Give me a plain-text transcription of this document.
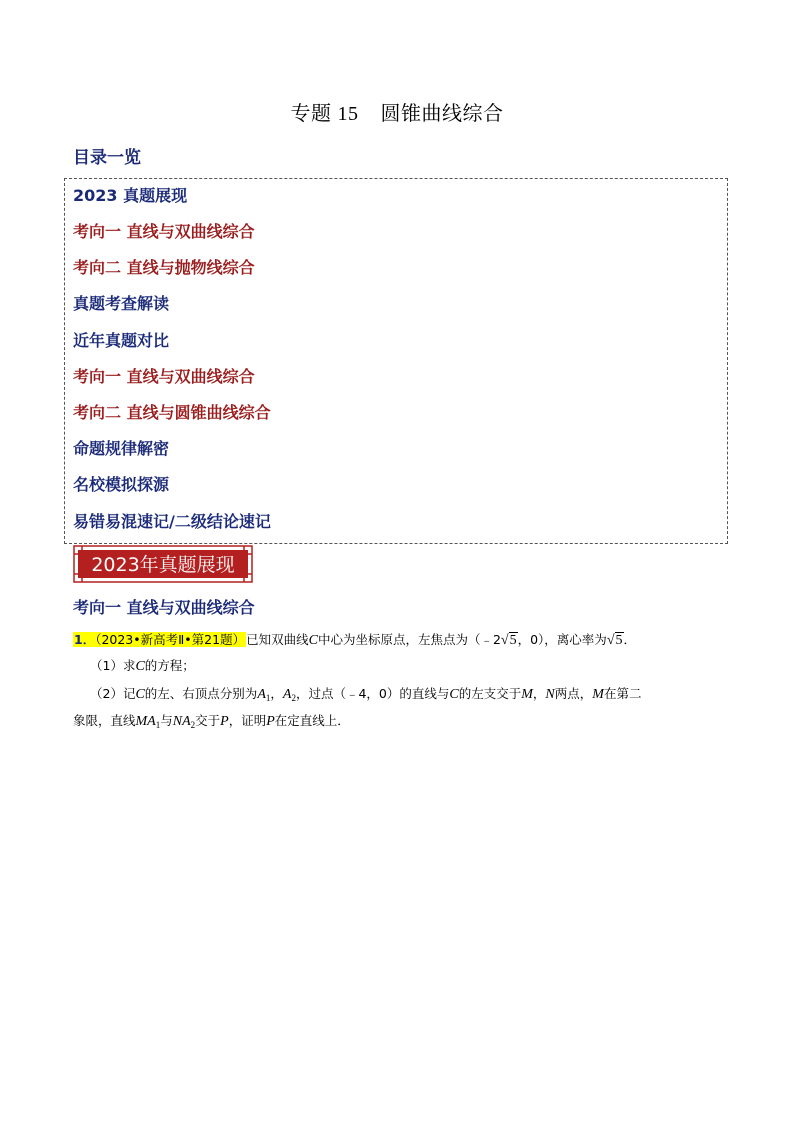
专题 15 圆锥曲线综合
目录一览
2023 真题展现
考向一 直线与双曲线综合
考向二 直线与抛物线综合
真题考查解读
近年真题对比
考向一 直线与双曲线综合
考向二 直线与圆锥曲线综合
命题规律解密
名校模拟探源
易错易混速记/二级结论速记
2023年真题展现
考向一 直线与双曲线综合
1．（2023•新高考Ⅱ•第21题）已知双曲线C中心为坐标原点，左焦点为（﹣2√5，0），离心率为√5．
（1）求C的方程；
（2）记C的左、右顶点分别为$A_1$，$A_2$，过点（﹣4，0）的直线与C的左支交于M，N两点，M在第二
象限，直线$MA_1$与$NA_2$交于P，证明P在定直线上．
